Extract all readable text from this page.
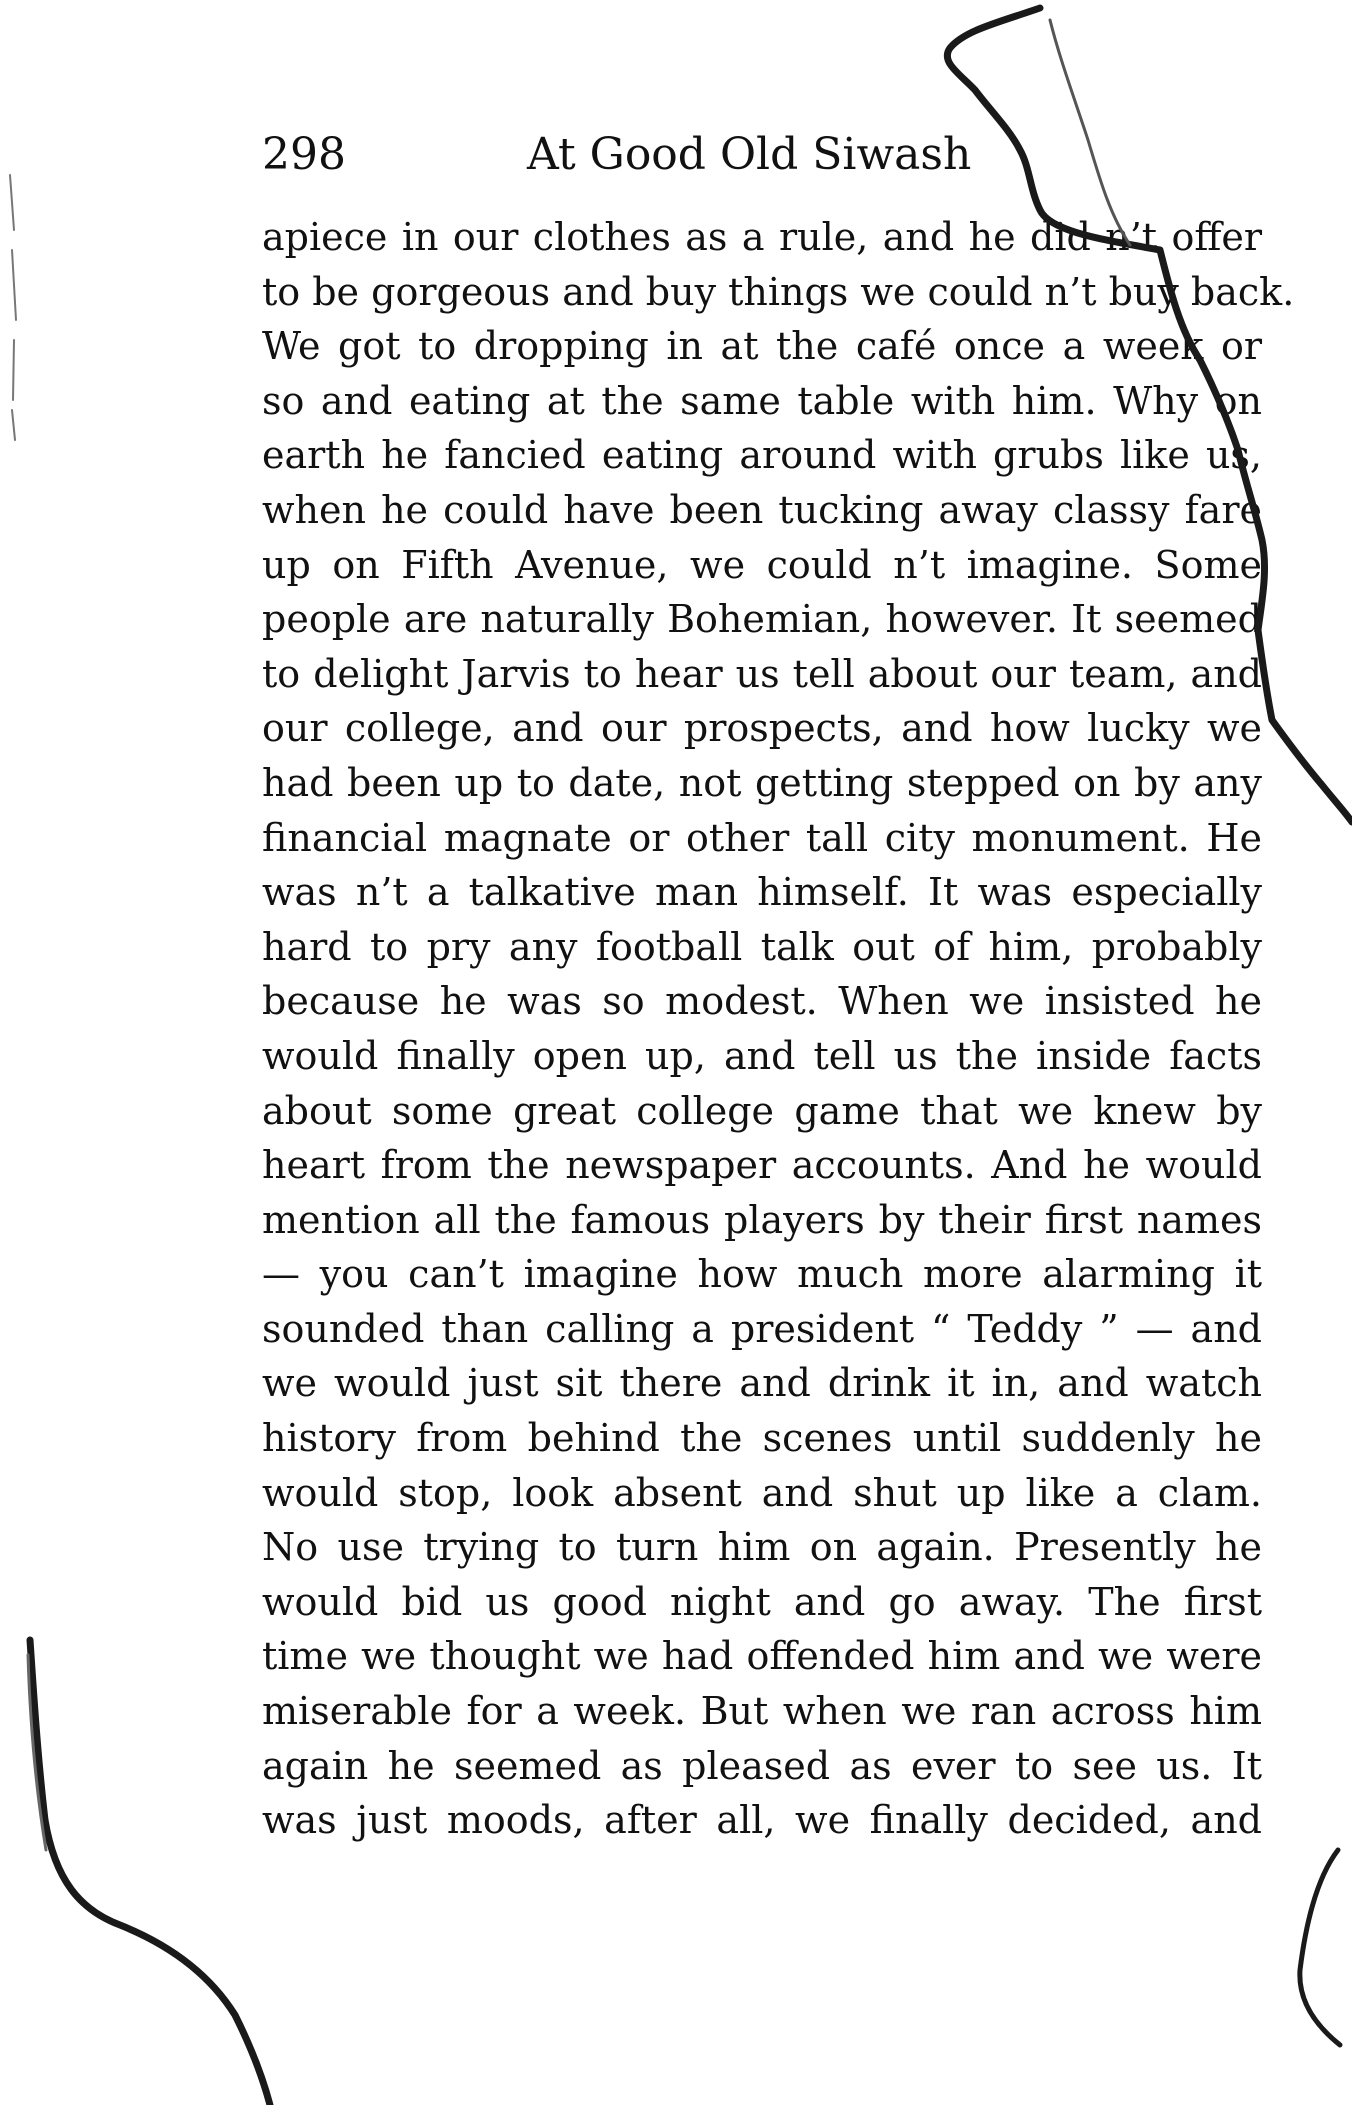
298	At Good Old Siwash
apiece in our clothes as a rule, and he did n’t offer
to be gorgeous and buy things we could n’t buy back.
We got to dropping in at the café once a week or
so and eating at the same table with him. Why on
earth he fancied eating around with grubs like us,
when he could have been tucking away classy fare
up on Fifth Avenue, we could n’t imagine. Some
people are naturally Bohemian, however. It seemed
to delight Jarvis to hear us tell about our team, and
our college, and our prospects, and how lucky we
had been up to date, not getting stepped on by any
financial magnate or other tall city monument. He
was n’t a talkative man himself. It was especially
hard to pry any football talk out of him, probably
because he was so modest. When we insisted he
would finally open up, and tell us the inside facts
about some great college game that we knew by
heart from the newspaper accounts. And he would
mention all the famous players by their first names
— you can’t imagine how much more alarming it
sounded than calling a president “ Teddy ” — and
we would just sit there and drink it in, and watch
history from behind the scenes until suddenly he
would stop, look absent and shut up like a clam.
No use trying to turn him on again. Presently he
would bid us good night and go away. The first
time we thought we had offended him and we were
miserable for a week. But when we ran across him
again he seemed as pleased as ever to see us. It
was just moods, after all, we finally decided, and
